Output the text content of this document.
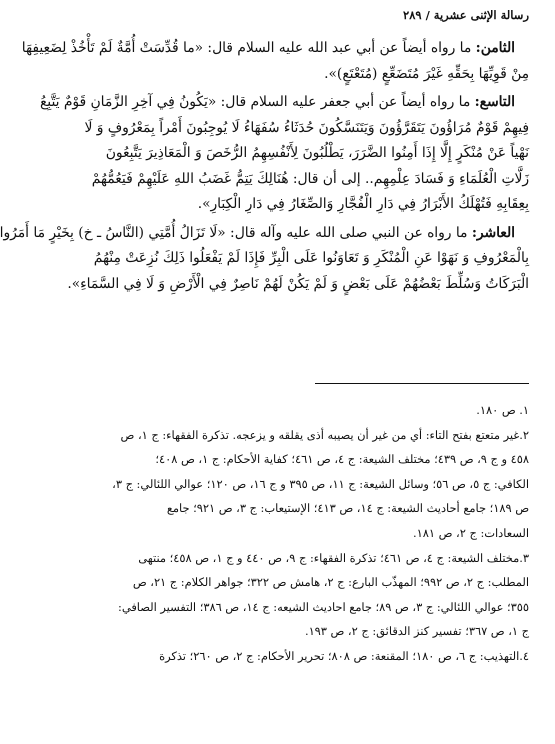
رسالة الإثنى عشرية / ٢٨٩
الثامن: ما رواه أيضاً عن أبي عبد الله عليه السلام قال: «ما قُدِّسَتْ أُمَّةٌ لَمْ تَأْخُذْ لِضَعِيفِهَا
مِنْ قَوِيِّهَا بِحَقِّهِ غَيْرَ مُتَضَعِّعٍ (مُتَعْتَعٍ)».
التاسع: ما رواه أيضاً عن أبي جعفر عليه السلام قال: «يَكُونُ فِي آخِرِ الزَّمَانِ قَوْمٌ يَتَّبِعُ
فِيهِمْ قَوْمٌ مُرَاؤُونَ يَتَقَرَّؤُونَ وَيَتَنَسَّكُونَ حُدَثَاءُ سُفَهَاءُ لَا يُوجِبُونَ أَمْراً بِمَعْرُوفٍ وَ لَا
نَهْياً عَنْ مُنْكَرٍ إِلَّا إِذَا أَمِنُوا الضَّرَرَ، يَطْلُبُونَ لِأَنْفُسِهِمُ الرُّخَصَ وَ الْمَعَاذِيرَ يَتَّبِعُونَ
زَلَّاتِ الْعُلَمَاءِ وَ فَسَادَ عِلْمِهِم.. إلى أن قال: هُنَالِكَ يَتِمُّ غَضَبُ اللهِ عَلَيْهِمْ فَيَعُمُّهُمْ
بِعِقَابِهِ فَتُهْلَكُ الأَبْرَارُ فِي دَارِ الْفُجَّارِ وَالصِّغَارُ فِي دَارِ الْكِبَارِ».
العاشر: ما رواه عن النبي صلى الله عليه وآله قال: «لَا تَزَالُ أُمَّتِي (النَّاسُ ـ خ) بِخَيْرٍ مَا أَمَرُوا
بِالْمَعْرُوفِ وَ نَهَوْا عَنِ الْمُنْكَرِ وَ تَعَاوَنُوا عَلَى الْبِرِّ فَإِذَا لَمْ يَفْعَلُوا ذَلِكَ نُزِعَتْ مِنْهُمُ
الْبَرَكَاتُ وَسُلِّطَ بَعْضُهُمْ عَلَى بَعْضٍ وَ لَمْ يَكُنْ لَهُمْ نَاصِرٌ فِي الْأَرْضِ وَ لَا فِي السَّمَاءِ».
١. ص ١٨٠.
٢.غير متعتع بفتح التاء: أي من غير أن يصيبه أذى يقلقه و يزعجه. تذكرة الفقهاء: ج ١، ص
٤٥٨ و ج ٩، ص ٤٣٩؛ مختلف الشيعة: ج ٤، ص ٤٦١؛ كفاية الأحكام: ج ١، ص ٤٠٨؛
الكافي: ج ٥، ص ٥٦؛ وسائل الشيعة: ج ١١، ص ٣٩٥ و ج ١٦، ص ١٢٠؛ عوالي اللئالي: ج ٣،
ص ١٨٩؛ جامع أحاديث الشيعة: ج ١٤، ص ٤١٣؛ الإستيعاب: ج ٣، ص ٩٢١؛ جامع
السعادات: ج ٢، ص ١٨١.
٣.مختلف الشيعة: ج ٤، ص ٤٦١؛ تذكرة الفقهاء: ج ٩، ص ٤٤٠ و ج ١، ص ٤٥٨؛ منتهى
المطلب: ج ٢، ص ٩٩٢؛ المهذّب البارع: ج ٢، هامش ص ٣٢٢؛ جواهر الكلام: ج ٢١، ص
٣٥٥؛ عوالي اللئالي: ج ٣، ص ٨٩؛ جامع احاديث الشيعه: ج ١٤، ص ٣٨٦؛ التفسير الصافي:
ج ١، ص ٣٦٧؛ تفسير كنز الدقائق: ج ٢، ص ١٩٣.
٤.التهذيب: ج ٦، ص ١٨٠؛ المقنعة: ص ٨٠٨؛ تحرير الأحكام: ج ٢، ص ٢٦٠؛ تذكرة
